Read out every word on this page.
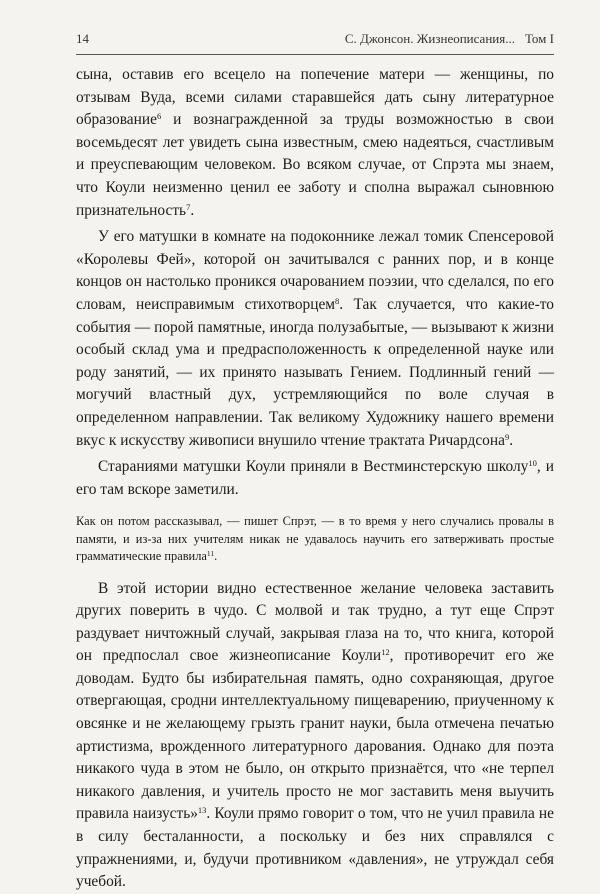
14	С. Джонсон. Жизнеописания... Том I

сына, оставив его всецело на попечение матери — женщины, по отзывам Вуда, всеми силами старавшейся дать сыну литературное образование$^6$ и вознагражденной за труды возможностью в свои восемьдесят лет увидеть сына известным, смею надеяться, счастливым и преуспевающим человеком. Во всяком случае, от Спрэта мы знаем, что Коули неизменно ценил ее заботу и сполна выражал сыновнюю признательность$^7$.

У его матушки в комнате на подоконнике лежал томик Спенсеровой «Королевы Фей», которой он зачитывался с ранних пор, и в конце концов он настолько проникся очарованием поэзии, что сделался, по его словам, неисправимым стихотворцем$^8$. Так случается, что какие-то события — порой памятные, иногда полузабытые, — вызывают к жизни особый склад ума и предрасположенность к определенной науке или роду занятий, — их принято называть Гением. Подлинный гений — могучий властный дух, устремляющийся по воле случая в определенном направлении. Так великому Художнику нашего времени вкус к искусству живописи внушило чтение трактата Ричардсона$^9$.

Стараниями матушки Коули приняли в Вестминстерскую школу$^{10}$, и его там вскоре заметили.

Как он потом рассказывал, — пишет Спрэт, — в то время у него случались провалы в памяти, и из-за них учителям никак не удавалось научить его затверживать простые грамматические правила$^{11}$.

В этой истории видно естественное желание человека заставить других поверить в чудо. С молвой и так трудно, а тут еще Спрэт раздувает ничтожный случай, закрывая глаза на то, что книга, которой он предпослал свое жизнеописание Коули$^{12}$, противоречит его же доводам. Будто бы избирательная память, одно сохраняющая, другое отвергающая, сродни интеллектуальному пищеварению, приученному к овсянке и не желающему грызть гранит науки, была отмечена печатью артистизма, врожденного литературного дарования. Однако для поэта никакого чуда в этом не было, он открыто признаётся, что «не терпел никакого давления, и учитель просто не мог заставить меня выучить правила наизусть»$^{13}$. Коули прямо говорит о том, что не учил правила не в силу бесталанности, а поскольку и без них справлялся с упражнениями, и, будучи противником «давления», не утруждал себя учебой.
